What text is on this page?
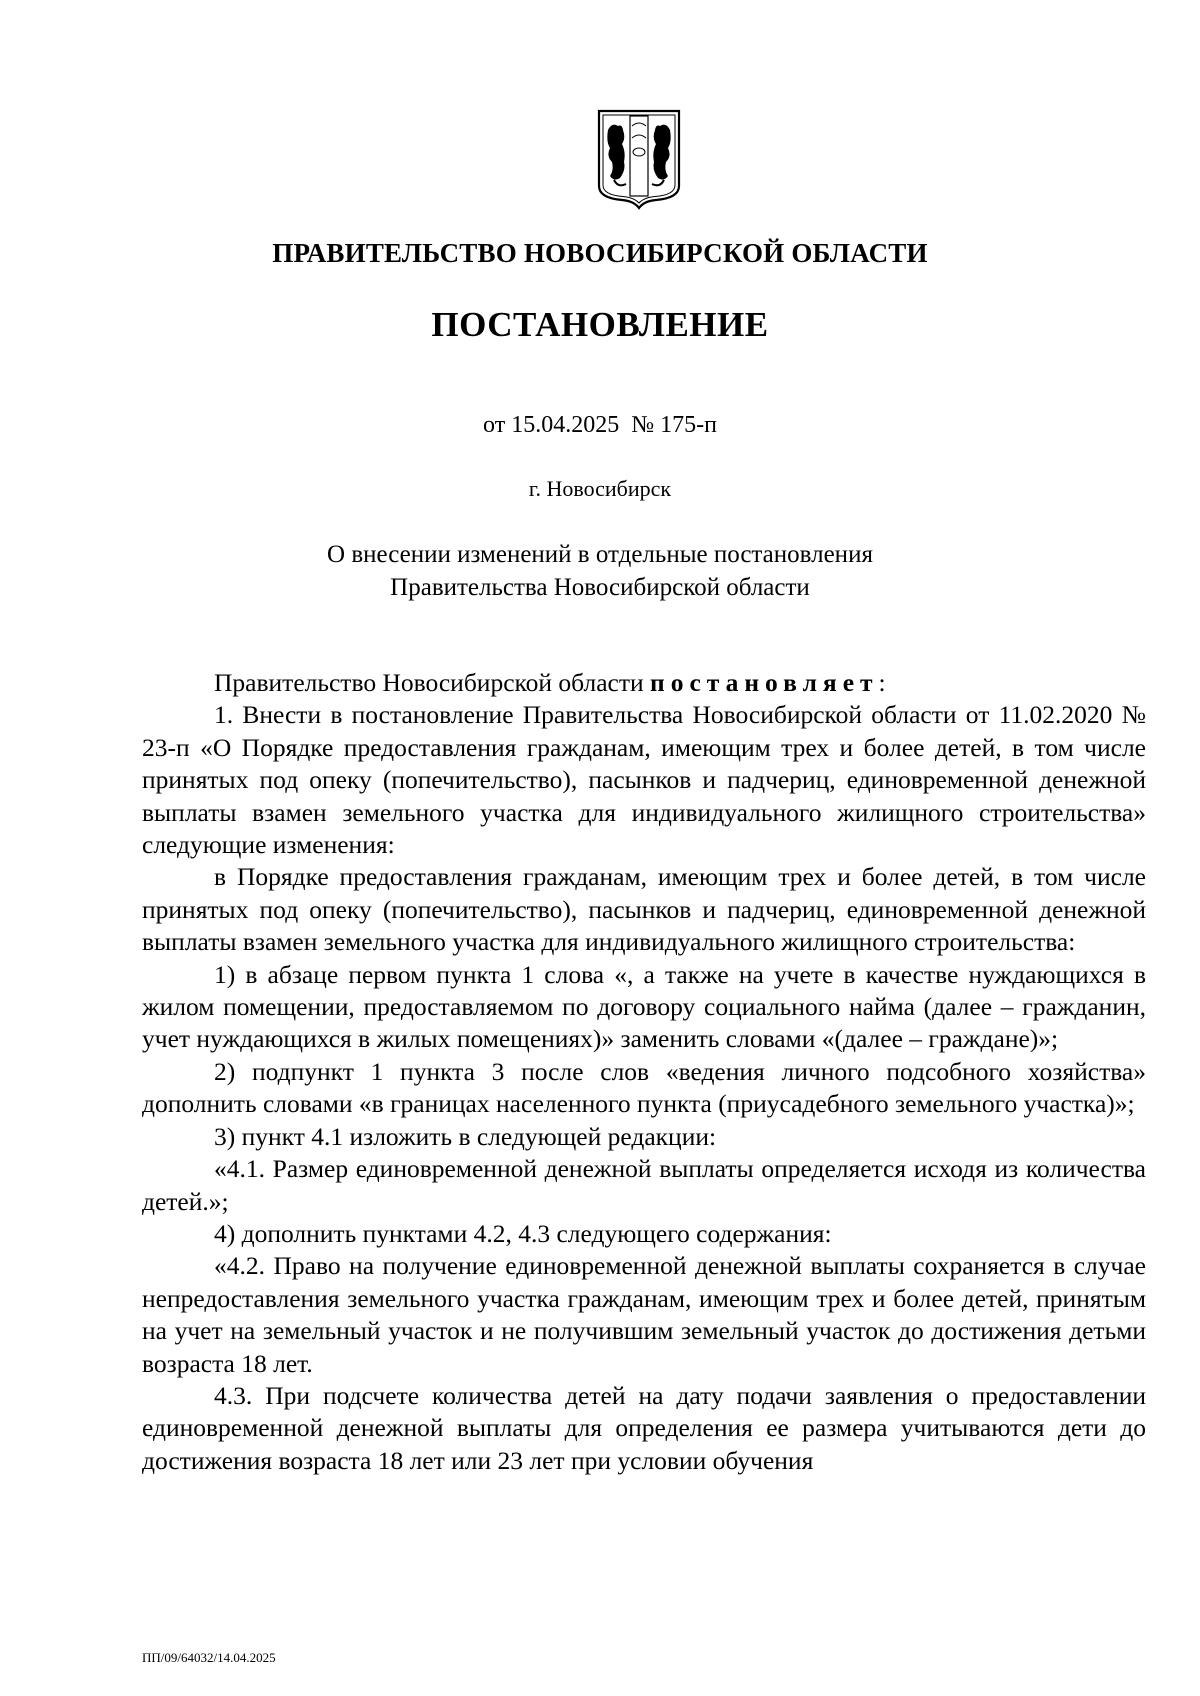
ПРАВИТЕЛЬСТВО НОВОСИБИРСКОЙ ОБЛАСТИ
ПОСТАНОВЛЕНИЕ
от 15.04.2025  № 175-п
г. Новосибирск
О внесении изменений в отдельные постановления
Правительства Новосибирской области

Правительство Новосибирской области постановляет:

1. Внести в постановление Правительства Новосибирской области от 11.02.2020 № 23-п «О Порядке предоставления гражданам, имеющим трех и более детей, в том числе принятых под опеку (попечительство), пасынков и падчериц, единовременной денежной выплаты взамен земельного участка для индивидуального жилищного строительства» следующие изменения:

в Порядке предоставления гражданам, имеющим трех и более детей, в том числе принятых под опеку (попечительство), пасынков и падчериц, единовременной денежной выплаты взамен земельного участка для индивидуального жилищного строительства:

1) в абзаце первом пункта 1 слова «, а также на учете в качестве нуждающихся в жилом помещении, предоставляемом по договору социального найма (далее – гражданин, учет нуждающихся в жилых помещениях)» заменить словами «(далее – граждане)»;

2) подпункт 1 пункта 3 после слов «ведения личного подсобного хозяйства» дополнить словами «в границах населенного пункта (приусадебного земельного участка)»;

3) пункт 4.1 изложить в следующей редакции:

«4.1. Размер единовременной денежной выплаты определяется исходя из количества детей.»;

4) дополнить пунктами 4.2, 4.3 следующего содержания:

«4.2. Право на получение единовременной денежной выплаты сохраняется в случае непредоставления земельного участка гражданам, имеющим трех и более детей, принятым на учет на земельный участок и не получившим земельный участок до достижения детьми возраста 18 лет.

4.3. При подсчете количества детей на дату подачи заявления о предоставлении единовременной денежной выплаты для определения ее размера учитываются дети до достижения возраста 18 лет или 23 лет при условии обучения

ПП/09/64032/14.04.2025
